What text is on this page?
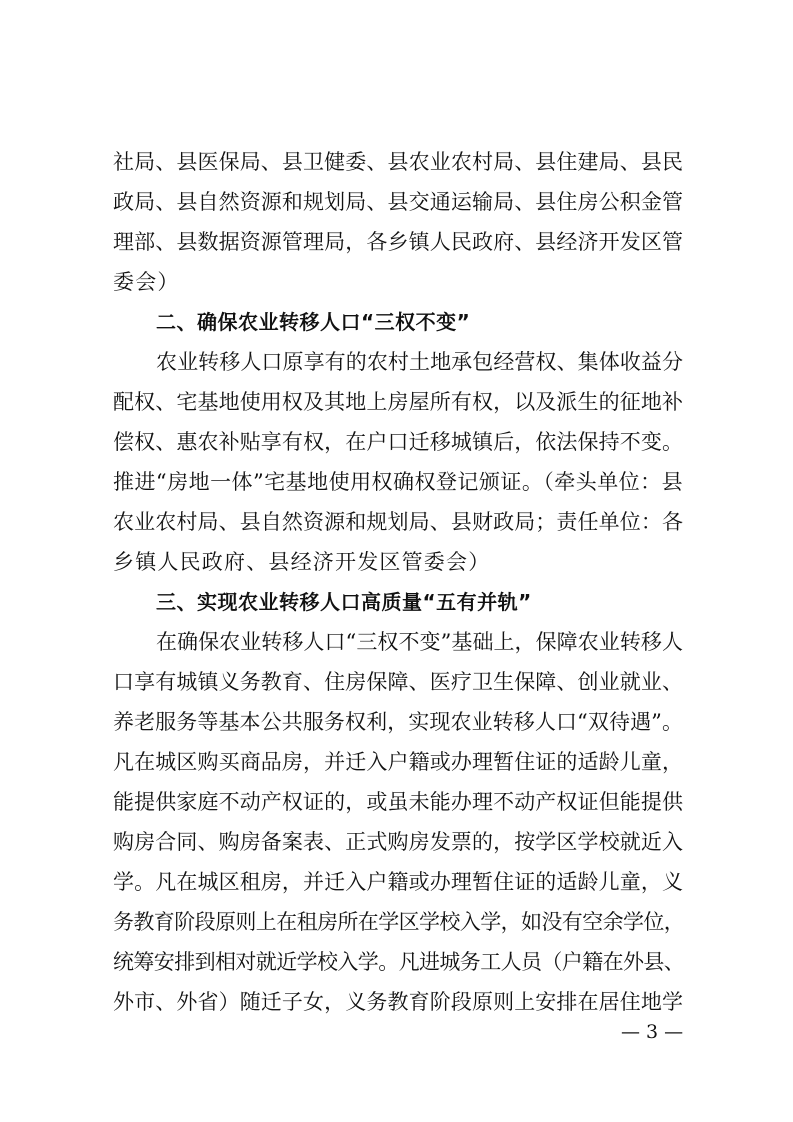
社局、县医保局、县卫健委、县农业农村局、县住建局、县民
政局、县自然资源和规划局、县交通运输局、县住房公积金管
理部、县数据资源管理局，各乡镇人民政府、县经济开发区管
委会）
二、确保农业转移人口“三权不变”
农业转移人口原享有的农村土地承包经营权、集体收益分
配权、宅基地使用权及其地上房屋所有权，以及派生的征地补
偿权、惠农补贴享有权，在户口迁移城镇后，依法保持不变。
推进“房地一体”宅基地使用权确权登记颁证。（牵头单位：县
农业农村局、县自然资源和规划局、县财政局；责任单位：各
乡镇人民政府、县经济开发区管委会）
三、实现农业转移人口高质量“五有并轨”
在确保农业转移人口“三权不变”基础上，保障农业转移人
口享有城镇义务教育、住房保障、医疗卫生保障、创业就业、
养老服务等基本公共服务权利，实现农业转移人口“双待遇”。
凡在城区购买商品房，并迁入户籍或办理暂住证的适龄儿童，
能提供家庭不动产权证的，或虽未能办理不动产权证但能提供
购房合同、购房备案表、正式购房发票的，按学区学校就近入
学。凡在城区租房，并迁入户籍或办理暂住证的适龄儿童，义
务教育阶段原则上在租房所在学区学校入学，如没有空余学位，
统筹安排到相对就近学校入学。凡进城务工人员（户籍在外县、
外市、外省）随迁子女，义务教育阶段原则上安排在居住地学
— 3 —
